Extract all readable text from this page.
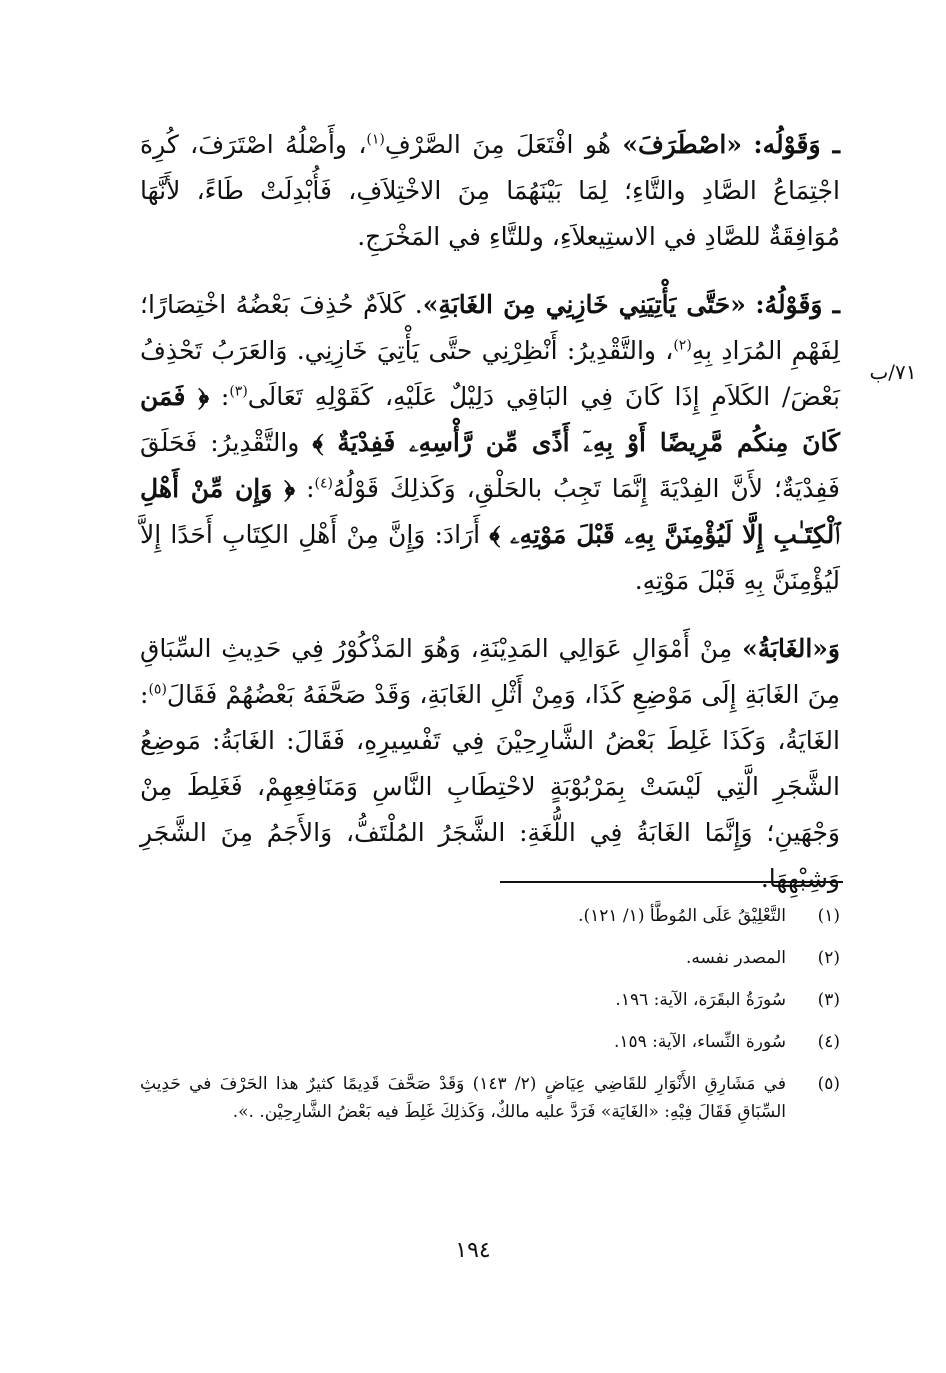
ـ وَقَوْلُه: «اصْطَرَفَ» هُو افْتَعَلَ مِنَ الصَّرْفِ$^{(١)}$، وأَصْلُهُ اصْتَرَفَ، كُرِهَ اجْتِمَاعُ الصَّادِ والتَّاءِ؛ لِمَا بَيْنَهُمَا مِنَ الاخْتِلاَفِ، فَأُبْدِلَتْ طَاءً، لأَنَّهَا مُوَافِقَةٌ للصَّادِ في الاستِيعلاَءِ، وللتَّاءِ في المَخْرَجِ.

ـ وَقَوْلُهُ: «حَتَّى يَأْتِيَنِي خَازِنِي مِنَ الغَابَةِ». كَلاَمٌ حُذِفَ بَعْضُهُ اخْتِصَارًا؛ لِفَهْمِ المُرَادِ بِهِ$^{(٢)}$، والتَّقْدِيرُ: أَنْظِرْنِي حتَّى يَأْتِيَ خَازِنِي. وَالعَرَبُ تَحْذِفُ بَعْضَ/ الكَلاَمِ إِذَا كَانَ فِي البَاقِي دَلِيْلٌ عَلَيْهِ، كَقَوْلِهِ تَعَالَى$^{(٣)}$: ﴿ فَمَن كَانَ مِنكُم مَّرِيضًا أَوْ بِهِۦٓ أَذًى مِّن رَّأْسِهِۦ فَفِدْيَةٌ ﴾ والتَّقْدِيرُ: فَحَلَقَ فَفِدْيَةٌ؛ لأَنَّ الفِدْيَةَ إِنَّمَا تَجِبُ بالحَلْقِ، وَكَذلِكَ قَوْلُهُ$^{(٤)}$: ﴿ وَإِن مِّنْ أَهْلِ ٱلْكِتَـٰبِ إِلَّا لَيُؤْمِنَنَّ بِهِۦ قَبْلَ مَوْتِهِۦ ﴾ أَرَادَ: وَإِنَّ مِنْ أَهْلِ الكِتَابِ أَحَدًا إِلاَّ لَيُؤْمِنَنَّ بِهِ قَبْلَ مَوْتِهِ.

وَ«الغَابَةُ» مِنْ أَمْوَالِ عَوَالِي المَدِيْنَةِ، وَهُوَ المَذْكُوْرُ فِي حَدِيثِ السِّبَاقِ مِنَ الغَابَةِ إِلَى مَوْضِعِ كَذَا، وَمِنْ أَثْلِ الغَابَةِ، وَقَدْ صَحَّفَهُ بَعْضُهُمْ فَقَالَ$^{(٥)}$: الغَايَةُ، وَكَذَا غَلِطَ بَعْضُ الشَّارِحِيْنَ فِي تَفْسِيرِهِ، فَقَالَ: الغَابَةُ: مَوضِعُ الشَّجَرِ الَّتِي لَيْسَتْ بِمَرْبُوْبَةٍ لاحْتِطَابِ النَّاسِ وَمَنَافِعِهِمْ، فَغَلِطَ مِنْ وَجْهَينِ؛ وَإِنَّمَا الغَابَةُ فِي اللُّغَةِ: الشَّجَرُ المُلْتَفُّ، وَالأَجَمُ مِنَ الشَّجَرِ وَشِبْهِهَا.

٧١/ب
(١)
التَّعْلِيْقُ عَلَى المُوطَّأ (١/ ١٢١).
(٢)
المصدر نفسه.
(٣)
سُورَةُ البقَرَة، الآية: ١٩٦.
(٤)
سُورة النِّساء، الآية: ١٥٩.
(٥)
في مَشَارِقِ الأَنْوَارِ للقَاضِي عِيَاضٍ (٢/ ١٤٣) وَقَدْ صَحَّفَ قَدِيمًا كثيرٌ هذا الحَرْفَ في حَدِيثِ السِّبَاقِ فَقَالَ فِيْهِ: «الغَايَة» فَرَدَّ عليه مالكٌ، وَكَذلِكَ غَلِطَ فيه بَعْضُ الشَّارِحِيْن. .».
١٩٤
